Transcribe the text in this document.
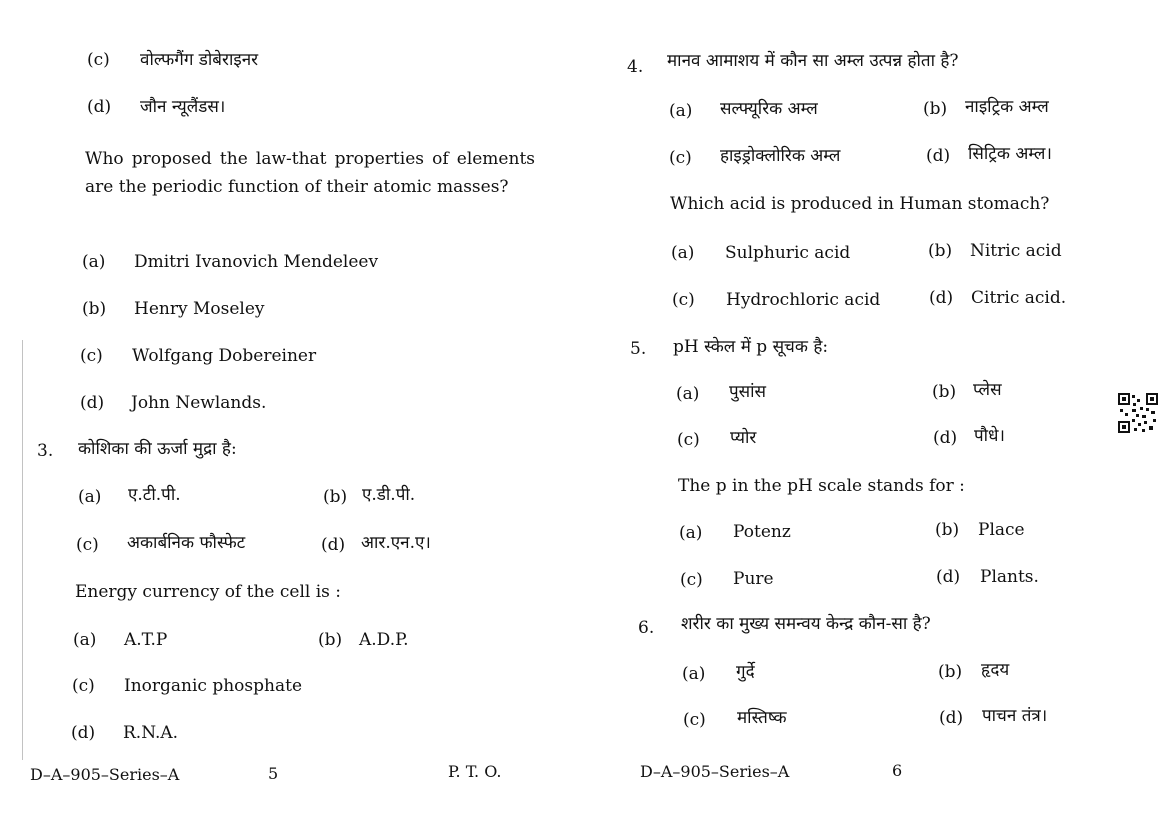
(c) वोल्फगैंग डोबेराइनर
(d) जौन न्यूलैंडस।
Who proposed the law-that properties of elements are the periodic function of their atomic masses?
(a) Dmitri Ivanovich Mendeleev
(b) Henry Moseley
(c) Wolfgang Dobereiner
(d) John Newlands.
3. कोशिका की ऊर्जा मुद्रा है:
(a) ए.टी.पी.	(b) ए.डी.पी.
(c) अकार्बनिक फौस्फेट	(d) आर.एन.ए।
Energy currency of the cell is :
(a) A.T.P	(b) A.D.P.
(c) Inorganic phosphate
(d) R.N.A.
D–A–905–Series–A	5	P. T. O.
4. मानव आमाशय में कौन सा अम्ल उत्पन्न होता है?
(a) सल्फ्यूरिक अम्ल	(b) नाइट्रिक अम्ल
(c) हाइड्रोक्लोरिक अम्ल	(d) सिट्रिक अम्ल।
Which acid is produced in Human stomach?
(a) Sulphuric acid	(b) Nitric acid
(c) Hydrochloric acid	(d) Citric acid.
5. pH स्केल में p सूचक है:
(a) पुसांस	(b) प्लेस
(c) प्योर	(d) पौधे।
The p in the pH scale stands for :
(a) Potenz	(b) Place
(c) Pure	(d) Plants.
6. शरीर का मुख्य समन्वय केन्द्र कौन-सा है?
(a) गुर्दे	(b) हृदय
(c) मस्तिष्क	(d) पाचन तंत्र।
D–A–905–Series–A	6
